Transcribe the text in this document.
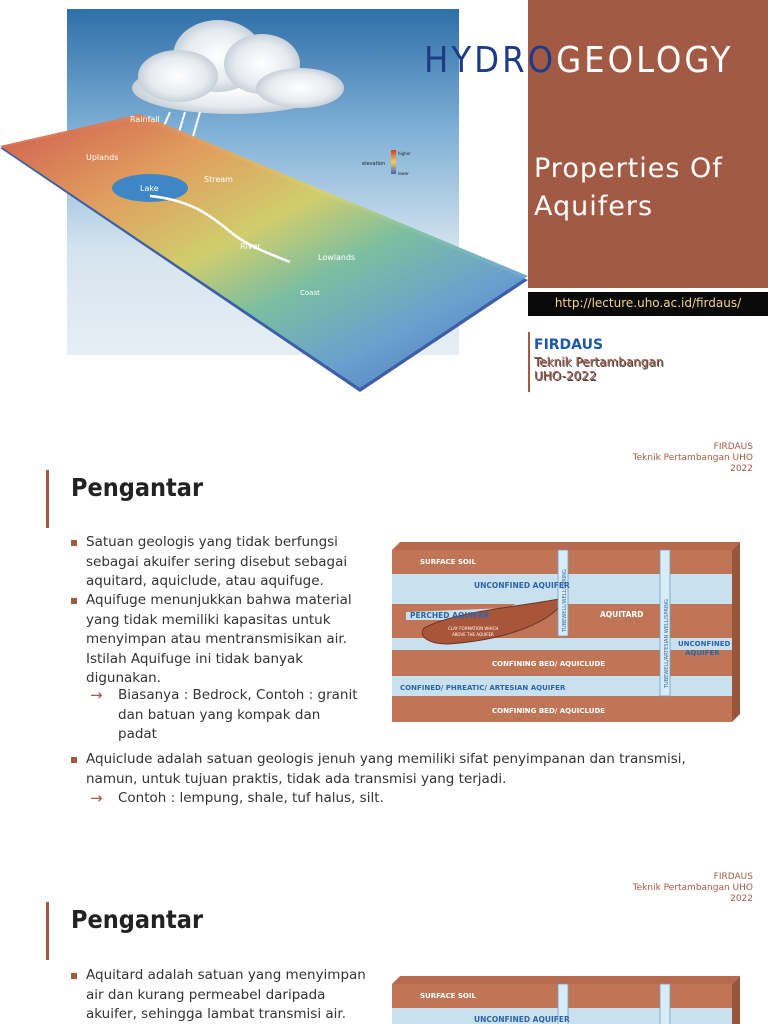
Rainfall
Uplands
Lake
Stream
River
Lowlands
Coast
elevation
higher
lower
HYDROGEOLOGY
Properties Of
Aquifers
http://lecture.uho.ac.id/firdaus/
FIRDAUS
Teknik Pertambangan
UHO-2022
FIRDAUS
Teknik Pertambangan UHO
2022
Pengantar
Satuan geologis yang tidak berfungsi
sebagai akuifer sering disebut sebagai
aquitard, aquiclude, atau aquifuge.
Aquifuge menunjukkan bahwa material
yang tidak memiliki kapasitas untuk
menyimpan atau mentransmisikan air.
Istilah Aquifuge ini tidak banyak
digunakan.
→ Biasanya : Bedrock, Contoh : granit
dan batuan yang kompak dan
padat
Aquiclude adalah satuan geologis jenuh yang memiliki sifat penyimpanan dan transmisi,
namun, untuk tujuan praktis, tidak ada transmisi yang terjadi.
→ Contoh : lempung, shale, tuf halus, silt.
SURFACE SOIL
UNCONFINED AQUIFER
PERCHED AQUIFER	AQUITARD
CLAY FORMATION WHICH
ABOVE THE AQUIFER
UNCONFINED
AQUIFER
CONFINING BED/ AQUICLUDE
CONFINED/ PHREATIC/ ARTESIAN AQUIFER
CONFINING BED/ AQUICLUDE
TUBEWELL/WELL/SPRING	TUBEWELL/ARTESIAN WELL/SPRING
FIRDAUS
Teknik Pertambangan UHO
2022
Pengantar
Aquitard adalah satuan yang menyimpan
air dan kurang permeabel daripada
akuifer, sehingga lambat transmisi air.
SURFACE SOIL
UNCONFINED AQUIFER
